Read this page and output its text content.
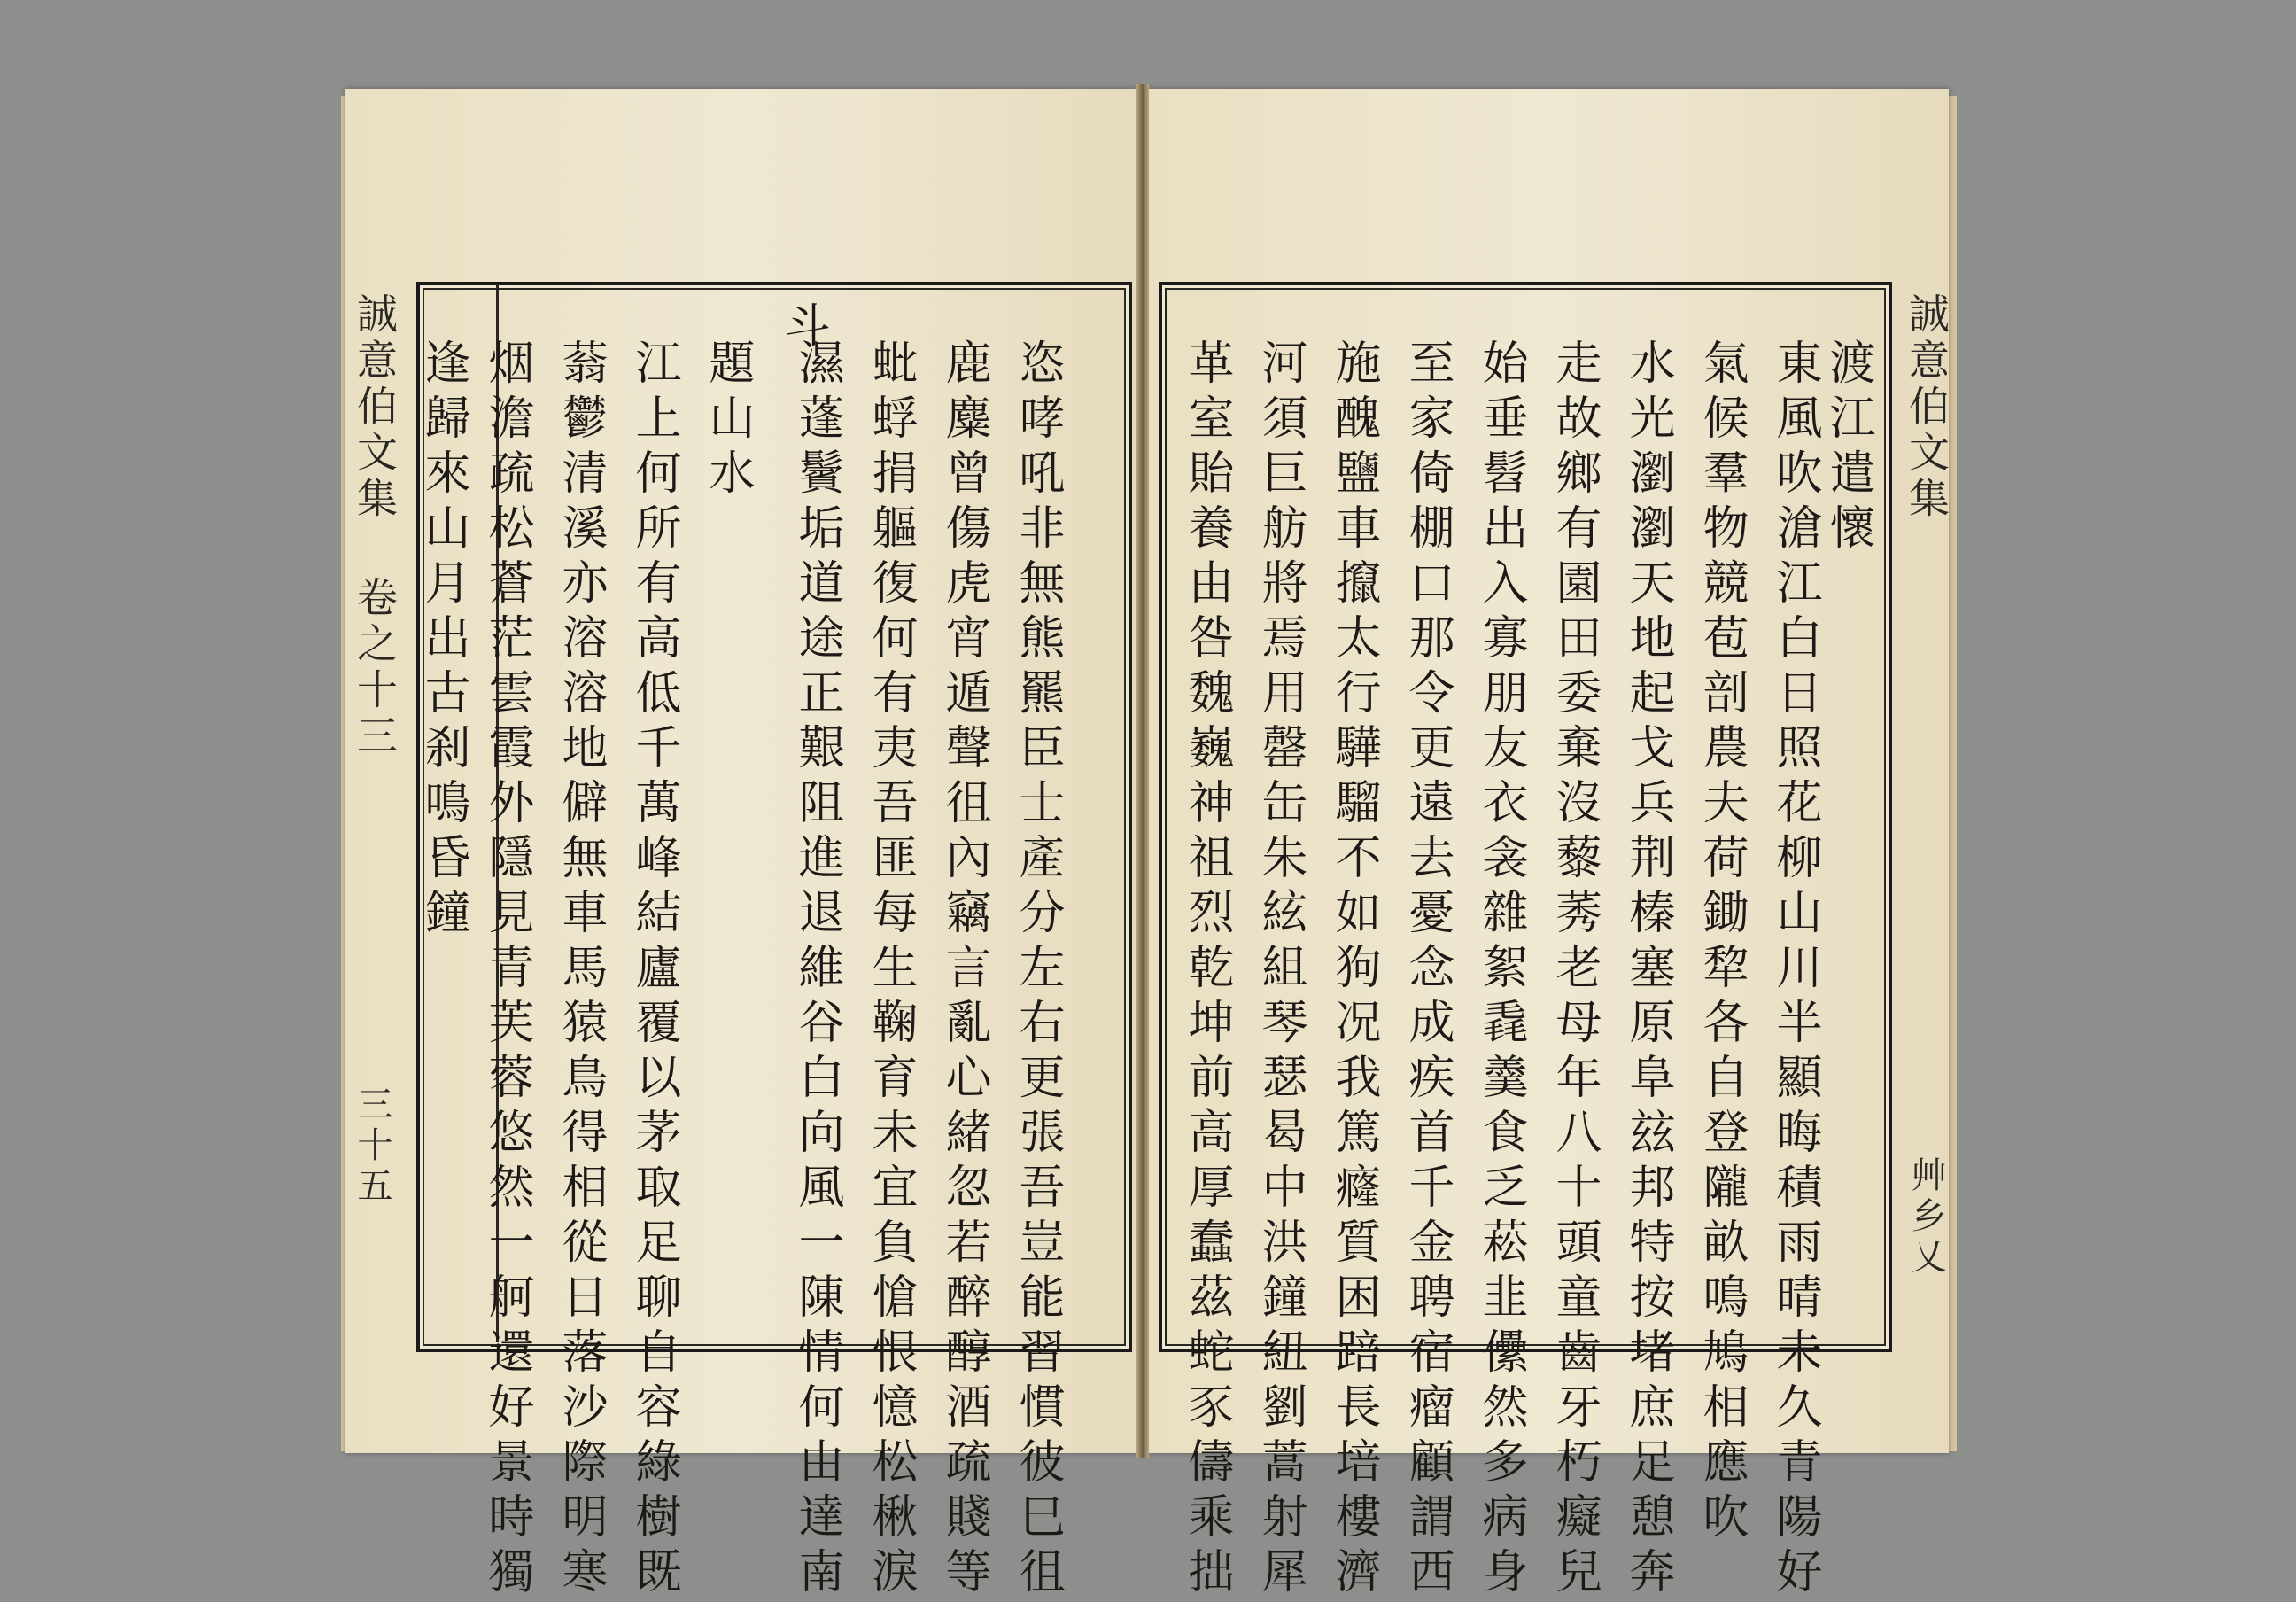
東風吹滄江白日照花柳山川半顯晦積雨晴未久青陽好
氣候羣物競苞剖農夫荷鋤犂各自登隴畝鳴鳩相應吹
水光瀏瀏天地起戈兵荆榛塞原阜玆邦特按堵庶足憩奔
走故鄉有園田委棄沒藜莠老母年八十頭童齒牙朽癡兒
始垂髫出入寡朋友衣衾雜絮毳羹食乏菘韭儽然多病身
至家倚棚口那令更遠去憂念成疾首千金聘宿瘤顧謂西
施醜鹽車攛太行驊騮不如狗况我篤癃質困踣長培樓濟
河須巨舫將焉用罄缶朱絃組琴瑟曷中洪鐘紐劉蒿射犀
革室貽養由咎魏巍神祖烈乾坤前高厚蠢茲蛇豕儔乘拙	渡江遣懷 誠意伯文集
艸乡乂
誠意伯文集
卷之十三
三十五	恣哮吼非無熊羆臣士產分左右更張吾豈能習慣彼巳徂
鹿麋曾傷虎宵遁聲徂內竊言亂心緒忽若醉醇酒疏賤等
蚍蜉捐軀復何有夷吾匪每生鞠育未宜負愴恨憶松楸淚
濕蓬鬢垢道途正艱阻進退維谷白向風一陳情何由達南
斗
題山水
江上何所有高低千萬峰結廬覆以茅取足聊自容綠樹既
蓊鬱清溪亦溶溶地僻無車馬猿鳥得相從日落沙際明寒
烟澹疏松蒼茫雲霞外隱見青芙蓉悠然一舸還好景時獨
逢歸來山月出古刹鳴昏鐘
